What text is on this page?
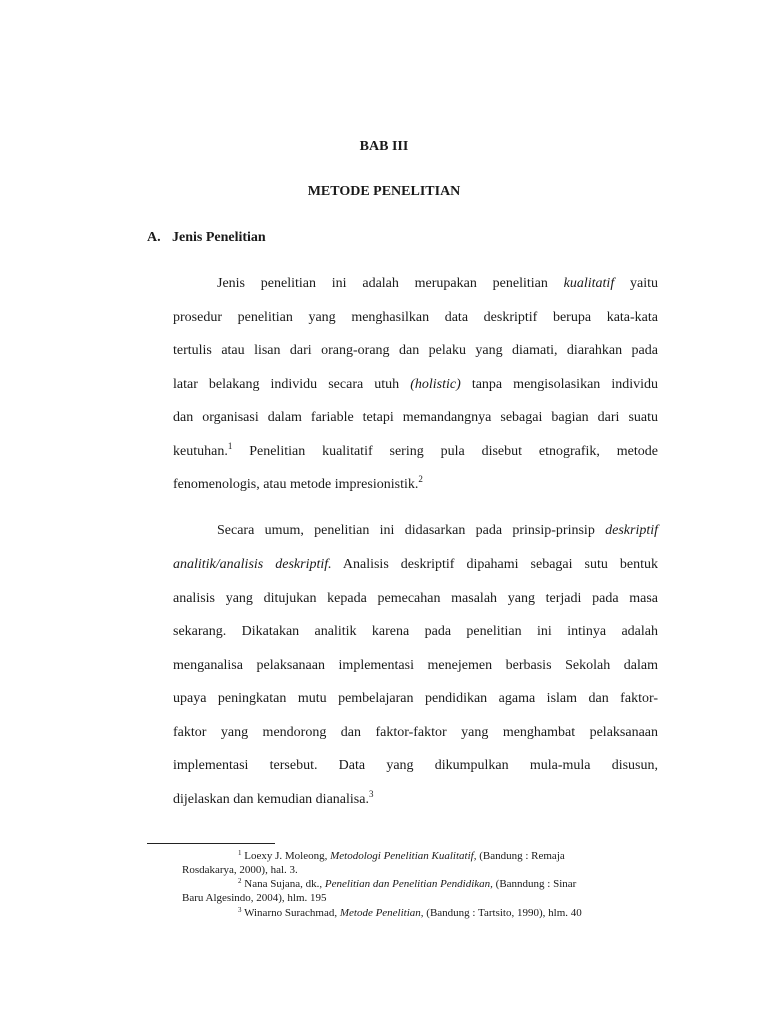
BAB III
METODE PENELITIAN
A. Jenis Penelitian
Jenis penelitian ini adalah merupakan penelitian kualitatif yaitu
prosedur penelitian yang menghasilkan data deskriptif berupa kata-kata
tertulis atau lisan dari orang-orang dan pelaku yang diamati, diarahkan pada
latar belakang individu secara utuh (holistic) tanpa mengisolasikan individu
dan organisasi dalam fariable tetapi memandangnya sebagai bagian dari suatu
keutuhan.$^1$ Penelitian kualitatif sering pula disebut etnografik, metode
fenomenologis, atau metode impresionistik.$^2$
Secara umum, penelitian ini didasarkan pada prinsip-prinsip deskriptif
analitik/analisis deskriptif. Analisis deskriptif dipahami sebagai sutu bentuk
analisis yang ditujukan kepada pemecahan masalah yang terjadi pada masa
sekarang. Dikatakan analitik karena pada penelitian ini intinya adalah
menganalisa pelaksanaan implementasi menejemen berbasis Sekolah dalam
upaya peningkatan mutu pembelajaran pendidikan agama islam dan faktor-
faktor yang mendorong dan faktor-faktor yang menghambat pelaksanaan
implementasi tersebut. Data yang dikumpulkan mula-mula disusun,
dijelaskan dan kemudian dianalisa.$^3$
$^1$ Loexy J. Moleong, Metodologi Penelitian Kualitatif, (Bandung : Remaja
Rosdakarya, 2000), hal. 3.
$^2$ Nana Sujana, dk., Penelitian dan Penelitian Pendidikan, (Banndung : Sinar
Baru Algesindo, 2004), hlm. 195
$^3$ Winarno Surachmad, Metode Penelitian, (Bandung : Tartsito, 1990), hlm. 40
